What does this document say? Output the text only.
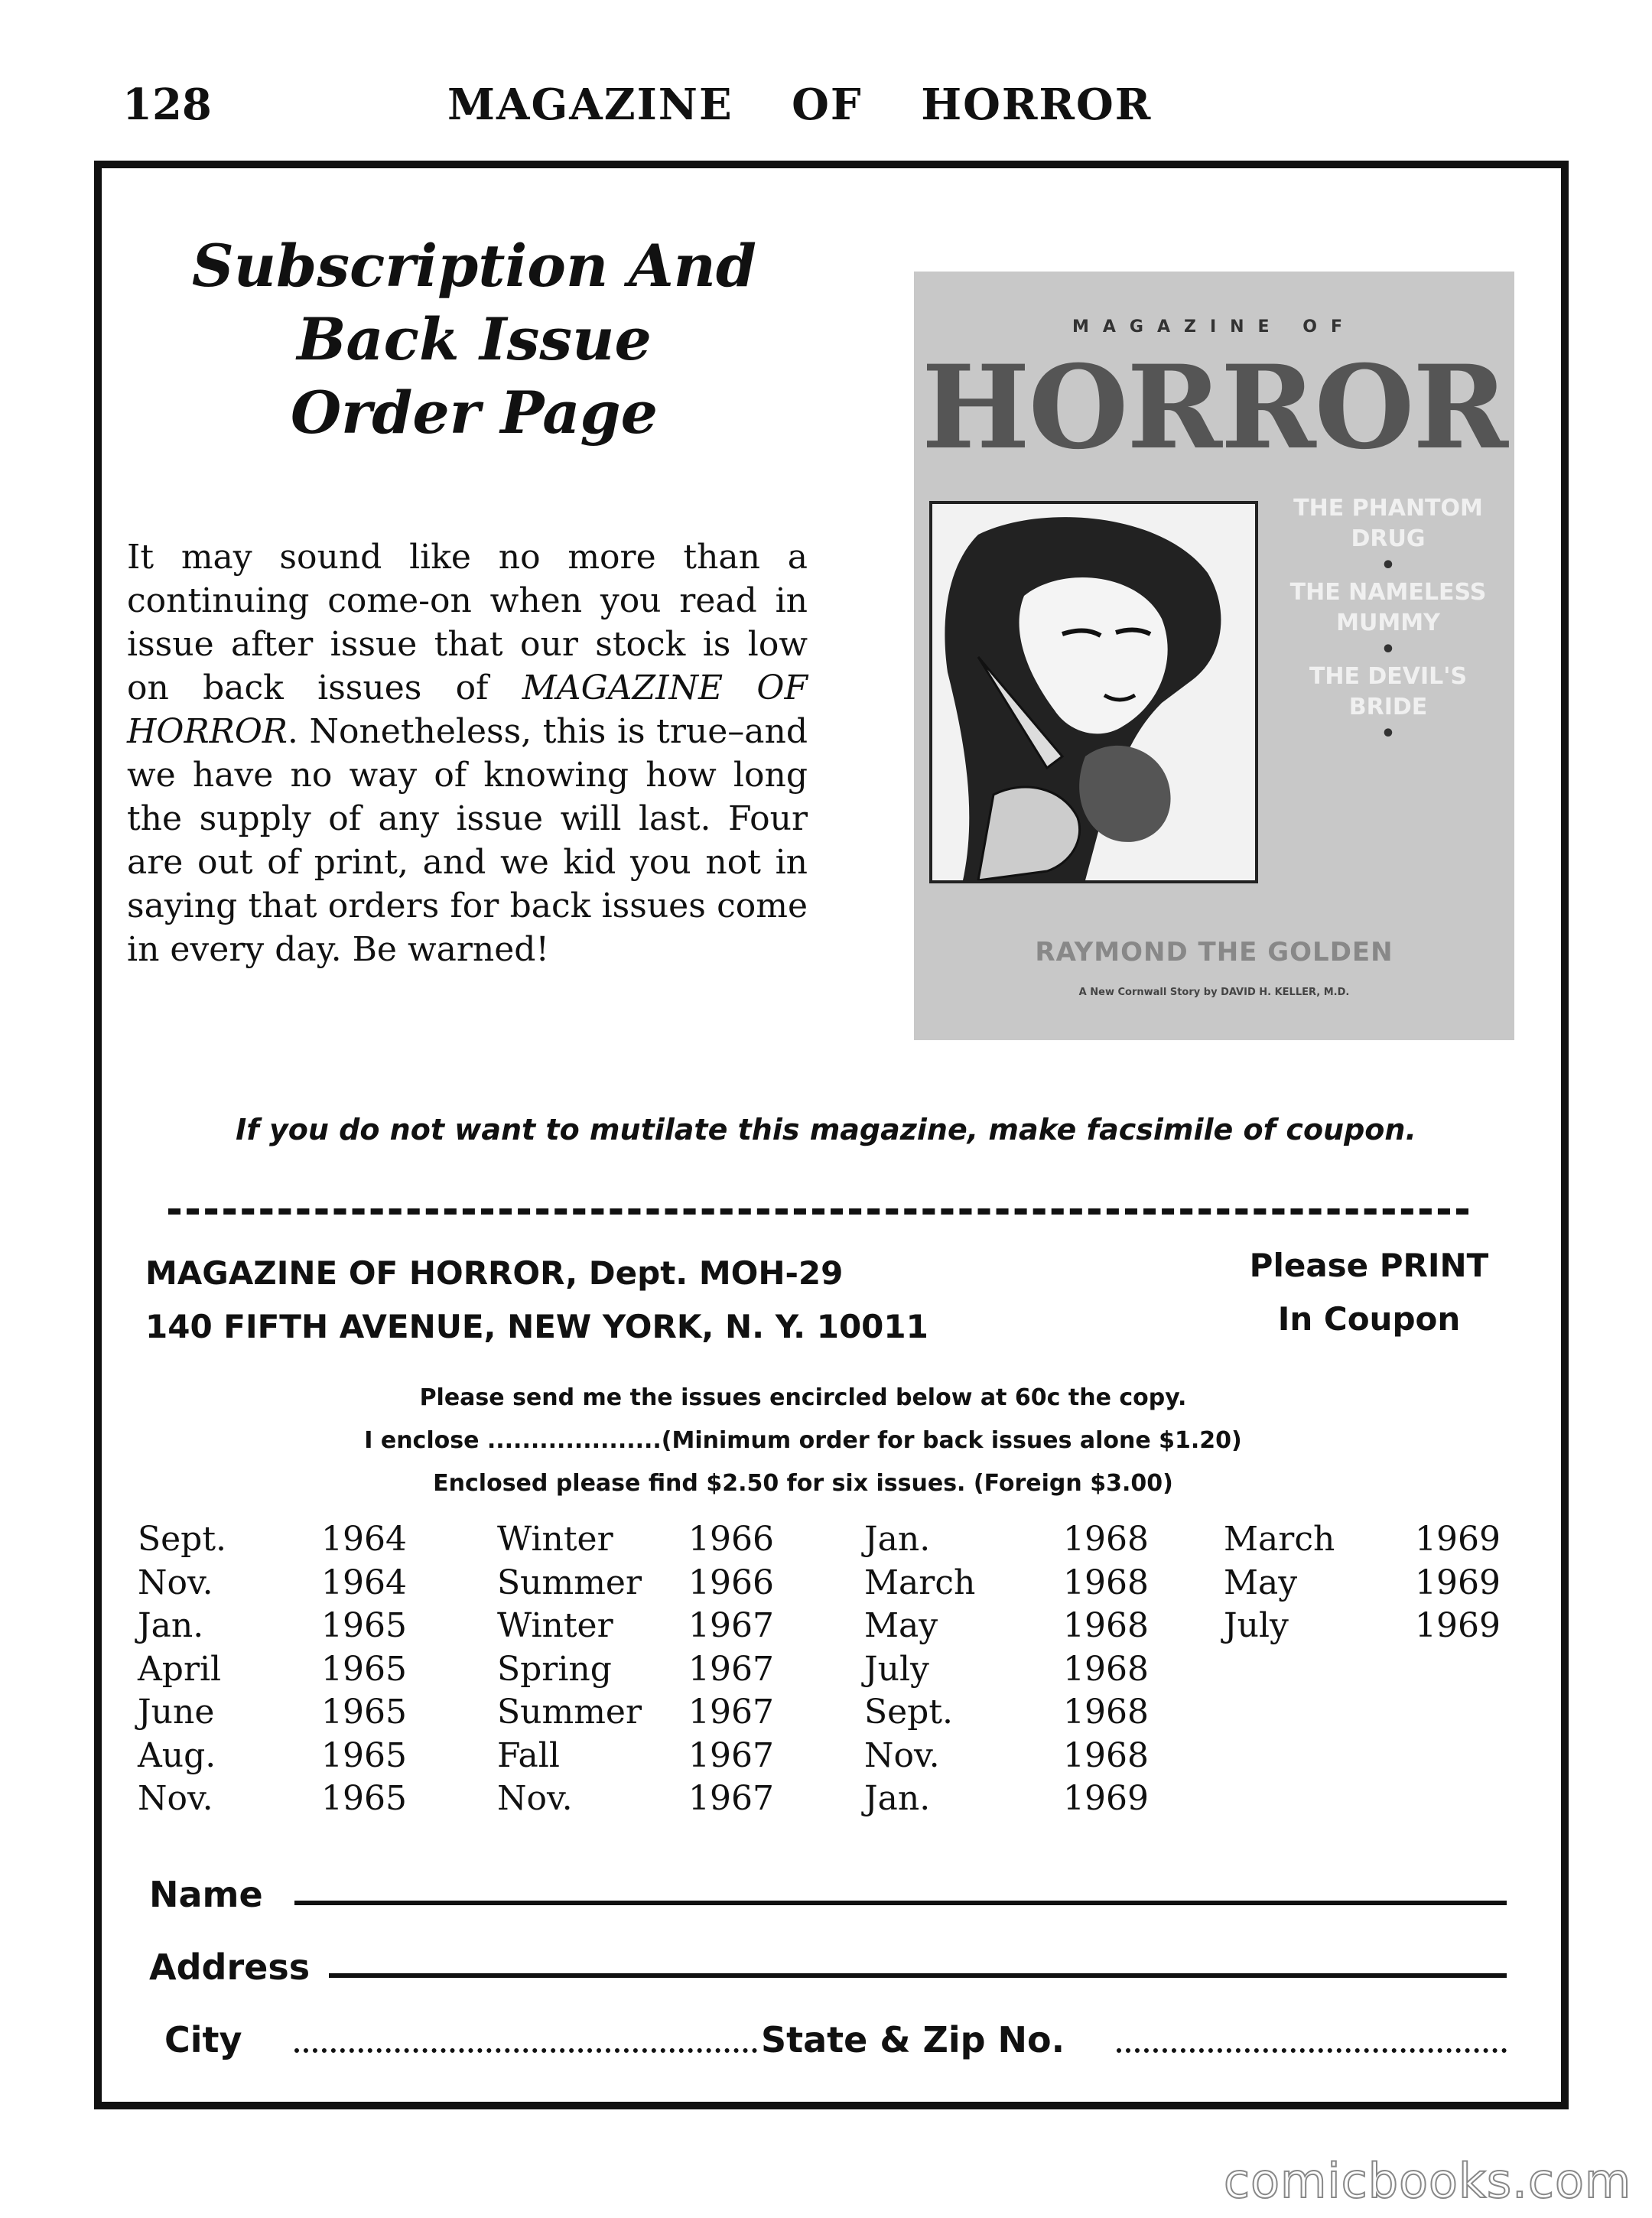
128	MAGAZINE OF HORROR
Subscription And
Back Issue
Order Page
It may sound like no more than a continuing come-on when you read in issue after issue that our stock is low on back issues of MAGAZINE OF HORROR. Nonetheless, this is true–and we have no way of knowing how long the supply of any issue will last. Four are out of print, and we kid you not in saying that orders for back issues come in every day. Be warned!
MAGAZINE OF
HORROR
THE PHANTOM DRUG
•
THE NAMELESS MUMMY
•
THE DEVIL'S BRIDE
•
RAYMOND THE GOLDEN
A New Cornwall Story by DAVID H. KELLER, M.D.
If you do not want to mutilate this magazine, make facsimile of coupon.
MAGAZINE OF HORROR, Dept. MOH-29
140 FIFTH AVENUE, NEW YORK, N. Y. 10011
Please PRINT
In Coupon
Please send me the issues encircled below at 60c the copy.
I enclose ....................(Minimum order for back issues alone $1.20)
Enclosed please find $2.50 for six issues. (Foreign $3.00)
Sept.	1964
Nov.	1964
Jan.	1965
April	1965
June	1965
Aug.	1965
Nov.	1965
Winter 1966
Summer 1966
Winter 1967
Spring 1967
Summer 1967
Fall	1967
Nov.	1967
Jan.	1968
March	1968
May	1968
July	1968
Sept.	1968
Nov.	1968
Jan.	1969
March 1969
May	1969
July	1969
Name
Address
City	State & Zip No.
comicbooks.com
